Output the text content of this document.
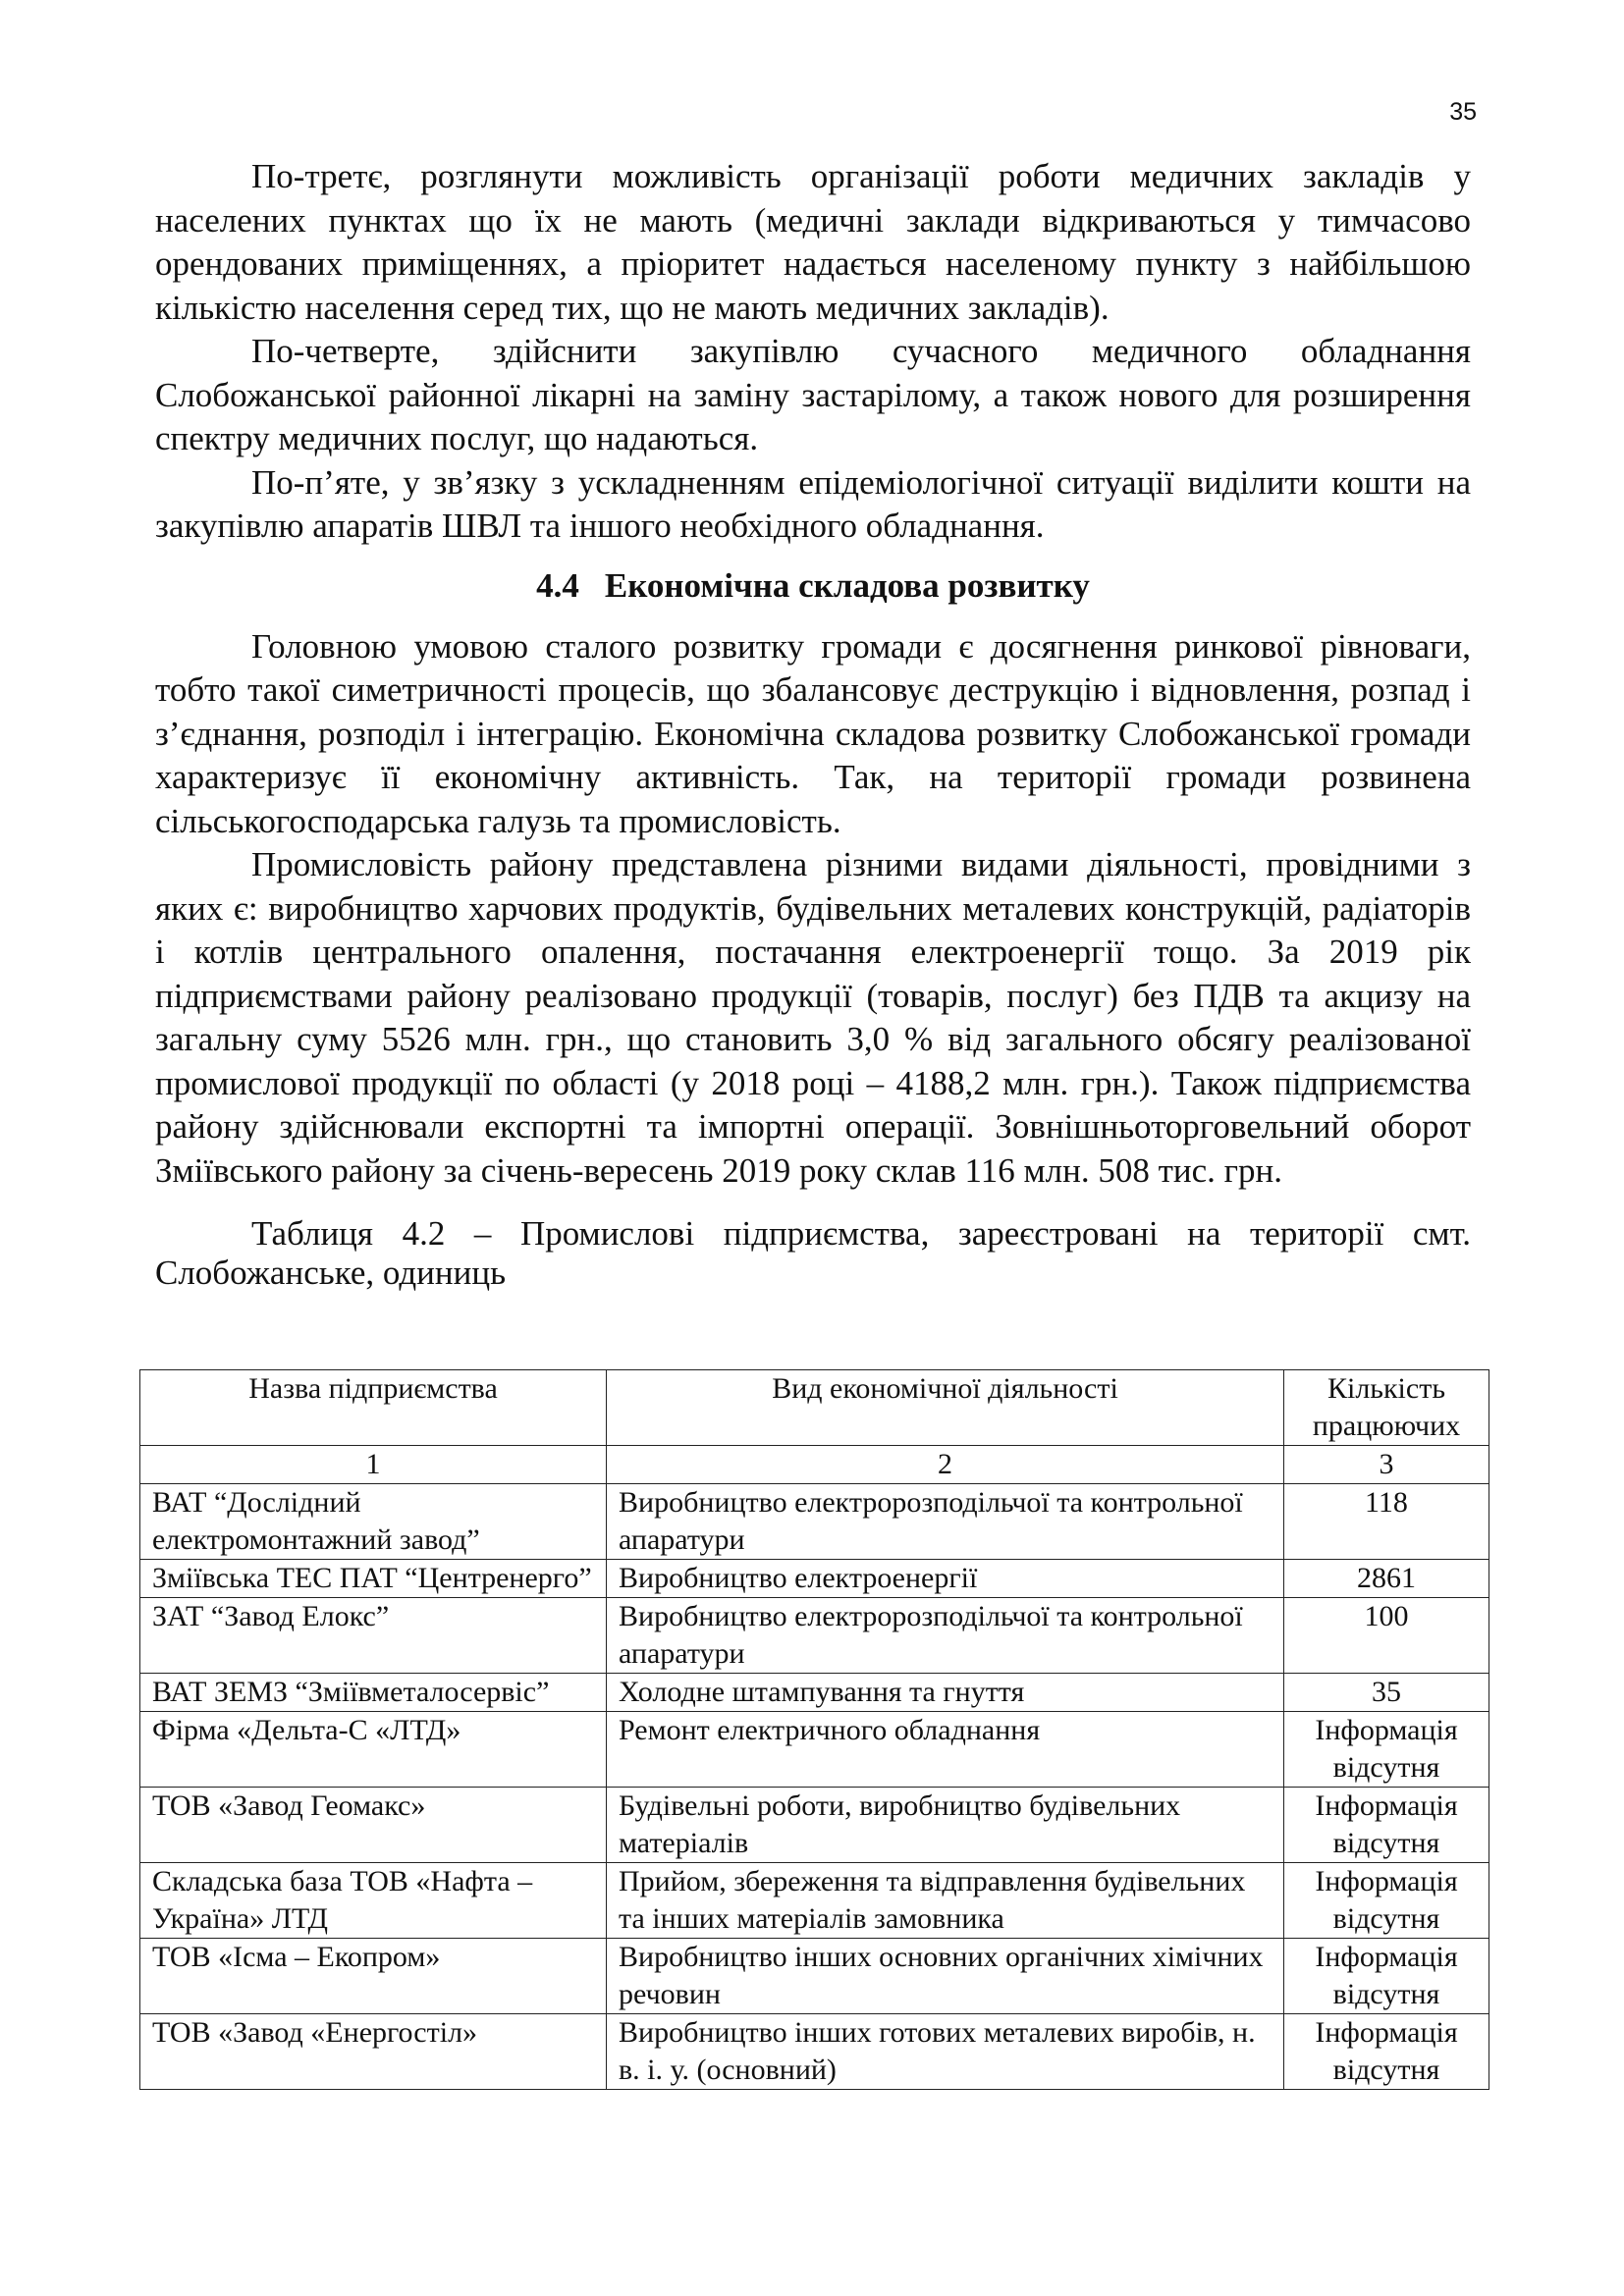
35

По-третє, розглянути можливість організації роботи медичних закладів у населених пунктах що їх не мають (медичні заклади відкриваються у тимчасово орендованих приміщеннях, а пріоритет надається населеному пункту з найбільшою кількістю населення серед тих, що не мають медичних закладів).

По-четверте, здійснити закупівлю сучасного медичного обладнання Слобожанської районної лікарні на заміну застарілому, а також нового для розширення спектру медичних послуг, що надаються.

По-п’яте, у зв’язку з ускладненням епідеміологічної ситуації виділити кошти на закупівлю апаратів ШВЛ та іншого необхідного обладнання.

4.4 Економічна складова розвитку

Головною умовою сталого розвитку громади є досягнення ринкової рівноваги, тобто такої симетричності процесів, що збалансовує деструкцію і відновлення, розпад і з’єднання, розподіл і інтеграцію. Економічна складова розвитку Слобожанської громади характеризує її економічну активність. Так, на території громади розвинена сільськогосподарська галузь та промисловість.

Промисловість району представлена різними видами діяльності, провідними з яких є: виробництво харчових продуктів, будівельних металевих конструкцій, радіаторів і котлів центрального опалення, постачання електроенергії тощо. За 2019 рік підприємствами району реалізовано продукції (товарів, послуг) без ПДВ та акцизу на загальну суму 5526 млн. грн., що становить 3,0 % від загального обсягу реалізованої промислової продукції по області (у 2018 році – 4188,2 млн. грн.). Також підприємства району здійснювали експортні та імпортні операції. Зовнішньоторговельний оборот Зміївського району за січень-вересень 2019 року склав 116 млн. 508 тис. грн.

Таблиця 4.2 – Промислові підприємства, зареєстровані на території смт. Слобожанське, одиниць

Назва підприємства	Вид економічної діяльності	Кількість працюючих
1	2	3
ВАТ “Дослідний електромонтажний завод”	Виробництво електророзподільчої та контрольної апаратури	118
Зміївська ТЕС ПАТ “Центренерго”	Виробництво електроенергії	2861
ЗАТ “Завод Елокс”	Виробництво електророзподільчої та контрольної апаратури	100
ВАТ ЗЕМЗ “Зміївметалосервіс”	Холодне штампування та гнуття	35
Фірма «Дельта-С «ЛТД»	Ремонт електричного обладнання	Інформація відсутня
ТОВ «Завод Геомакс»	Будівельні роботи, виробництво будівельних матеріалів	Інформація відсутня
Складська база ТОВ «Нафта – Україна» ЛТД	Прийом, збереження та відправлення будівельних та інших матеріалів замовника	Інформація відсутня
ТОВ «Ісма – Екопром»	Виробництво інших основних органічних хімічних речовин	Інформація відсутня
ТОВ «Завод «Енергостіл»	Виробництво інших готових металевих виробів, н. в. і. у. (основний)	Інформація відсутня
